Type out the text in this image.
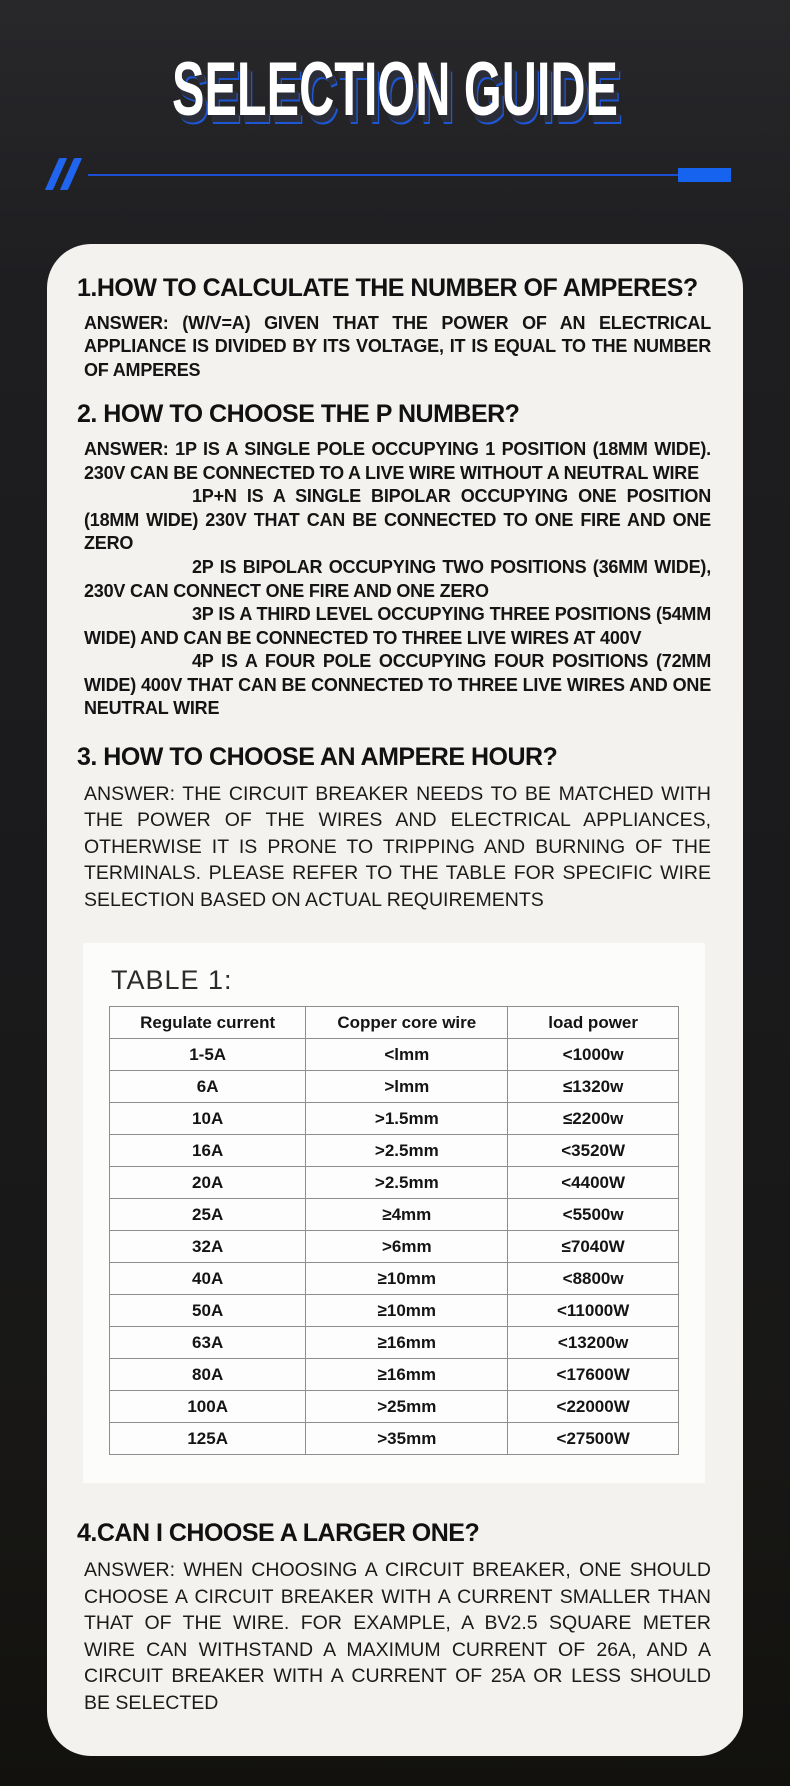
SELECTION GUIDE
1.HOW TO CALCULATE THE NUMBER OF AMPERES?

ANSWER: (W/V=A) GIVEN THAT THE POWER OF AN ELECTRICAL APPLIANCE IS DIVIDED BY ITS VOLTAGE, IT IS EQUAL TO THE NUMBER OF AMPERES

2. HOW TO CHOOSE THE P NUMBER?

ANSWER: 1P IS A SINGLE POLE OCCUPYING 1 POSITION (18MM WIDE). 230V CAN BE CONNECTED TO A LIVE WIRE WITHOUT A NEUTRAL WIRE

1P+N IS A SINGLE BIPOLAR OCCUPYING ONE POSITION (18MM WIDE) 230V THAT CAN BE CONNECTED TO ONE FIRE AND ONE ZERO

2P IS BIPOLAR OCCUPYING TWO POSITIONS (36MM WIDE), 230V CAN CONNECT ONE FIRE AND ONE ZERO

3P IS A THIRD LEVEL OCCUPYING THREE POSITIONS (54MM WIDE) AND CAN BE CONNECTED TO THREE LIVE WIRES AT 400V

4P IS A FOUR POLE OCCUPYING FOUR POSITIONS (72MM WIDE) 400V THAT CAN BE CONNECTED TO THREE LIVE WIRES AND ONE NEUTRAL WIRE

3. HOW TO CHOOSE AN AMPERE HOUR?

ANSWER: THE CIRCUIT BREAKER NEEDS TO BE MATCHED WITH THE POWER OF THE WIRES AND ELECTRICAL APPLIANCES, OTHERWISE IT IS PRONE TO TRIPPING AND BURNING OF THE TERMINALS. PLEASE REFER TO THE TABLE FOR SPECIFIC WIRE SELECTION BASED ON ACTUAL REQUIREMENTS

TABLE 1:
Regulate current	Copper core wire	load power
1-5A	<lmm	<1000w
6A	>lmm	≤1320w
10A	>1.5mm	≤2200w
16A	>2.5mm	<3520W
20A	>2.5mm	<4400W
25A	≥4mm	<5500w
32A	>6mm	≤7040W
40A	≥10mm	<8800w
50A	≥10mm	<11000W
63A	≥16mm	<13200w
80A	≥16mm	<17600W
100A	>25mm	<22000W
125A	>35mm	<27500W
4.CAN I CHOOSE A LARGER ONE?

ANSWER: WHEN CHOOSING A CIRCUIT BREAKER, ONE SHOULD CHOOSE A CIRCUIT BREAKER WITH A CURRENT SMALLER THAN THAT OF THE WIRE. FOR EXAMPLE, A BV2.5 SQUARE METER WIRE CAN WITHSTAND A MAXIMUM CURRENT OF 26A, AND A CIRCUIT BREAKER WITH A CURRENT OF 25A OR LESS SHOULD BE SELECTED
